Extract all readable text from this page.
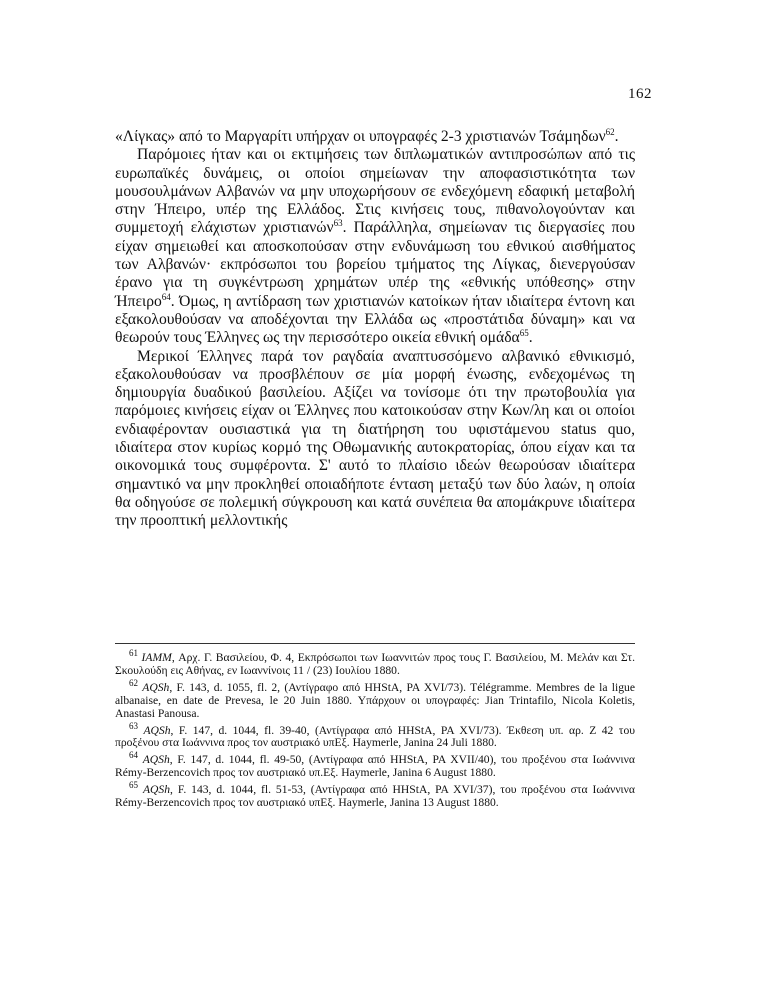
162

«Λίγκας» από το Μαργαρίτι υπήρχαν οι υπογραφές 2-3 χριστιανών Τσάμηδων$^{62}$.

Παρόμοιες ήταν και οι εκτιμήσεις των διπλωματικών αντιπροσώπων από τις ευρωπαϊκές δυνάμεις, οι οποίοι σημείωναν την αποφασιστικότητα των μουσουλμάνων Αλβανών να μην υποχωρήσουν σε ενδεχόμενη εδαφική μεταβολή στην Ήπειρο, υπέρ της Ελλάδος. Στις κινήσεις τους, πιθανολογούνταν και συμμετοχή ελάχιστων χριστιανών$^{63}$. Παράλληλα, σημείωναν τις διεργασίες που είχαν σημειωθεί και αποσκοπούσαν στην ενδυνάμωση του εθνικού αισθήματος των Αλβανών· εκπρόσωποι του βορείου τμήματος της Λίγκας, διενεργούσαν έρανο για τη συγκέντρωση χρημάτων υπέρ της «εθνικής υπόθεσης» στην Ήπειρο$^{64}$. Όμως, η αντίδραση των χριστιανών κατοίκων ήταν ιδιαίτερα έντονη και εξακολουθούσαν να αποδέχονται την Ελλάδα ως «προστάτιδα δύναμη» και να θεωρούν τους Έλληνες ως την περισσότερο οικεία εθνική ομάδα$^{65}$.

Μερικοί Έλληνες παρά τον ραγδαία αναπτυσσόμενο αλβανικό εθνικισμό, εξακολουθούσαν να προσβλέπουν σε μία μορφή ένωσης, ενδεχομένως τη δημιουργία δυαδικού βασιλείου. Αξίζει να τονίσομε ότι την πρωτοβουλία για παρόμοιες κινήσεις είχαν οι Έλληνες που κατοικούσαν στην Κων/λη και οι οποίοι ενδιαφέρονταν ουσιαστικά για τη διατήρηση του υφιστάμενου status quo, ιδιαίτερα στον κυρίως κορμό της Οθωμανικής αυτοκρατορίας, όπου είχαν και τα οικονομικά τους συμφέροντα. Σ' αυτό το πλαίσιο ιδεών θεωρούσαν ιδιαίτερα σημαντικό να μην προκληθεί οποιαδήποτε ένταση μεταξύ των δύο λαών, η οποία θα οδηγούσε σε πολεμική σύγκρουση και κατά συνέπεια θα απομάκρυνε ιδιαίτερα την προοπτική μελλοντικής

$^{61}$ IAMM, Αρχ. Γ. Βασιλείου, Φ. 4, Εκπρόσωποι των Ιωαννιτών προς τους Γ. Βασιλείου, Μ. Μελάν και Στ. Σκουλούδη εις Αθήνας, εν Ιωαννίνοις 11 / (23) Ιουλίου 1880.

$^{62}$ AQSh, F. 143, d. 1055, fl. 2, (Αντίγραφο από HHStA, PA XVI/73). Télégramme. Membres de la ligue albanaise, en date de Prevesa, le 20 Juin 1880. Υπάρχουν οι υπογραφές: Jian Trintafilo, Nicola Koletis, Anastasi Panousa.

$^{63}$ AQSh, F. 147, d. 1044, fl. 39-40, (Αντίγραφα από HHStA, PA XVI/73). Έκθεση υπ. αρ. Ζ 42 του προξένου στα Ιωάννινα προς τον αυστριακό υπΕξ. Haymerle, Janina 24 Juli 1880.

$^{64}$ AQSh, F. 147, d. 1044, fl. 49-50, (Αντίγραφα από HHStA, PA XVII/40), του προξένου στα Ιωάννινα Rémy-Berzencovich προς τον αυστριακό υπ.Εξ. Haymerle, Janina 6 August 1880.

$^{65}$ AQSh, F. 143, d. 1044, fl. 51-53, (Αντίγραφα από HHStA, PA XVI/37), του προξένου στα Ιωάννινα Rémy-Berzencovich προς τον αυστριακό υπΕξ. Haymerle, Janina 13 August 1880.
